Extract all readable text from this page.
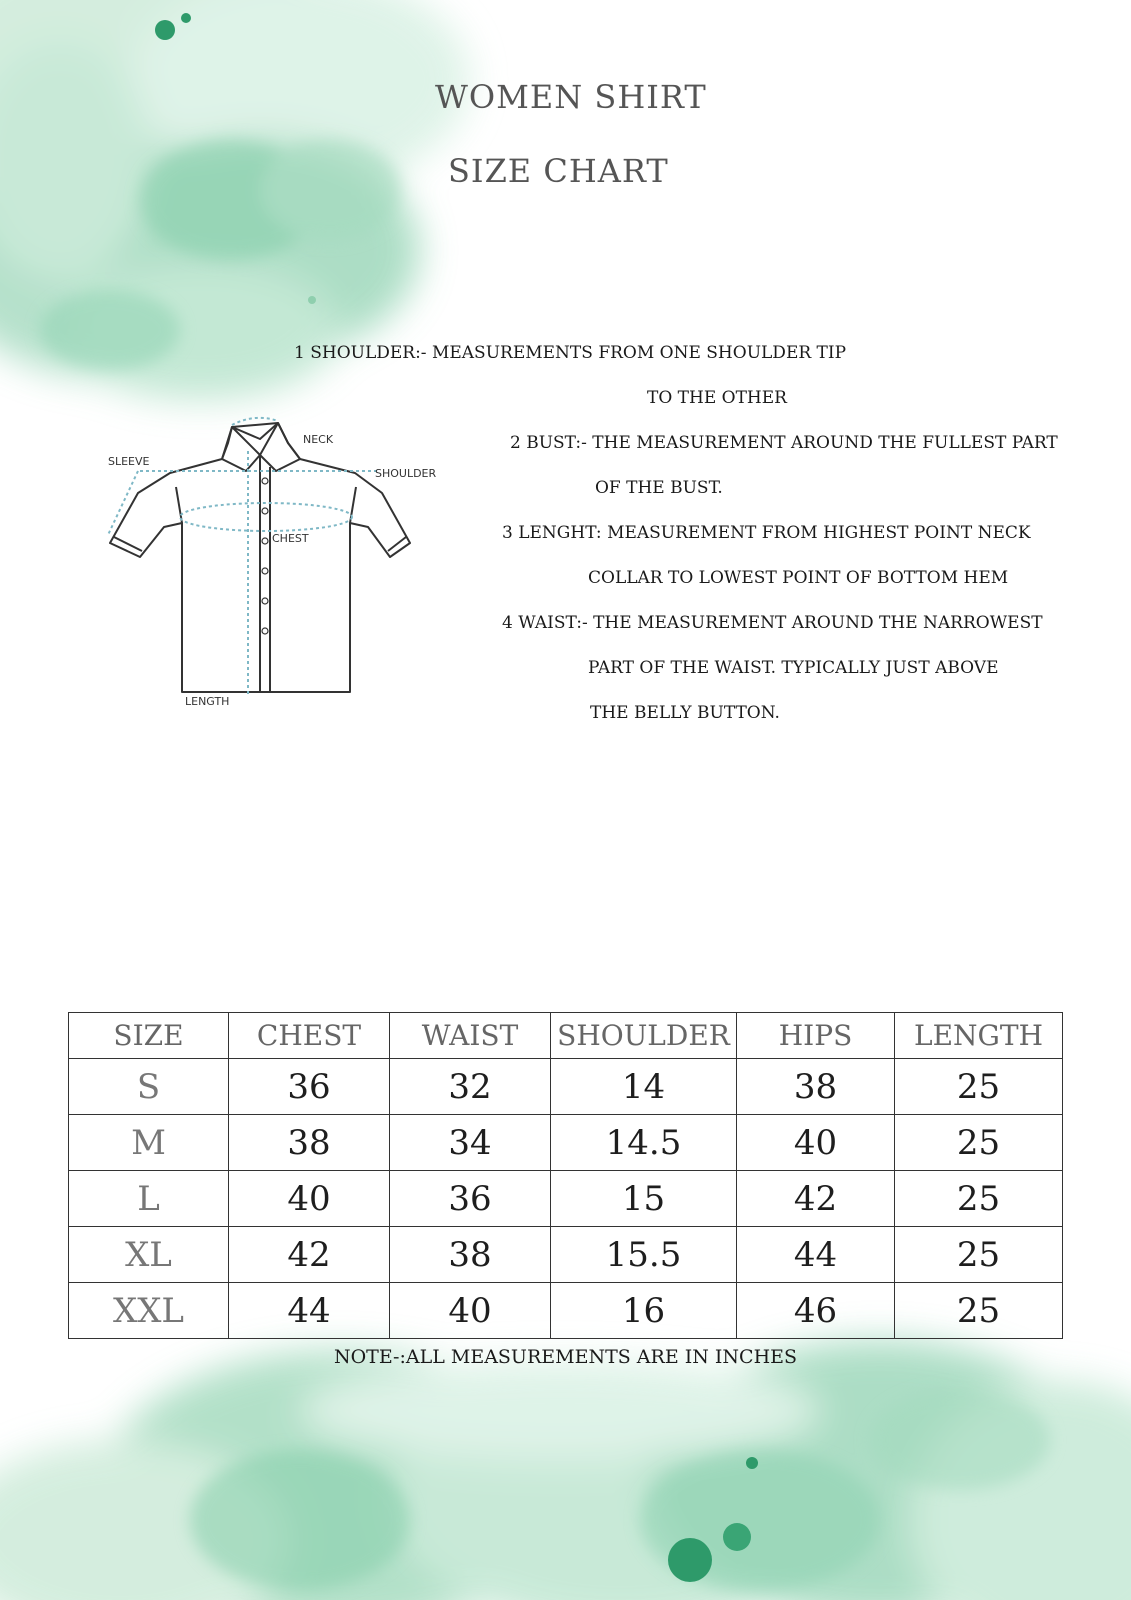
WOMEN SHIRT
SIZE CHART
SLEEVE
NECK
SHOULDER
CHEST
LENGTH
1 SHOULDER:- MEASUREMENTS FROM ONE SHOULDER TIP
TO THE OTHER
2 BUST:- THE MEASUREMENT AROUND THE FULLEST PART
OF THE BUST.
3 LENGHT: MEASUREMENT FROM HIGHEST POINT NECK
COLLAR TO LOWEST POINT OF BOTTOM HEM
4 WAIST:- THE MEASUREMENT AROUND THE NARROWEST
PART OF THE WAIST. TYPICALLY JUST ABOVE
THE BELLY BUTTON.
SIZE	CHEST	WAIST	SHOULDER	HIPS	LENGTH
S	36	32	14	38	25
M	38	34	14.5	40	25
L	40	36	15	42	25
XL	42	38	15.5	44	25
XXL	44	40	16	46	25
NOTE-:ALL MEASUREMENTS ARE IN INCHES
